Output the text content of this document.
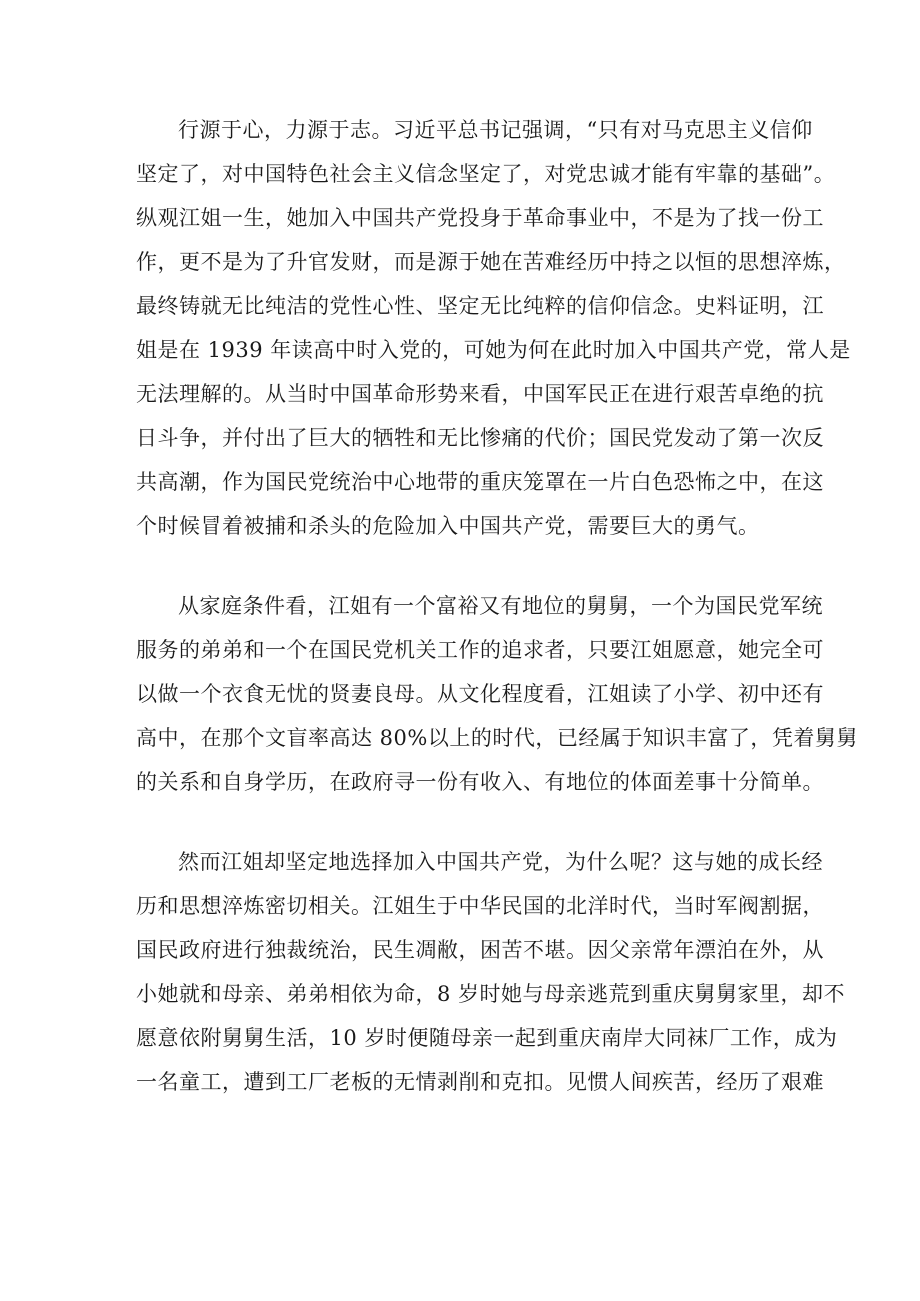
行源于心，力源于志。习近平总书记强调，“只有对马克思主义信仰
坚定了，对中国特色社会主义信念坚定了，对党忠诚才能有牢靠的基础”。
纵观江姐一生，她加入中国共产党投身于革命事业中，不是为了找一份工
作，更不是为了升官发财，而是源于她在苦难经历中持之以恒的思想淬炼，
最终铸就无比纯洁的党性心性、坚定无比纯粹的信仰信念。史料证明，江
姐是在 1939 年读高中时入党的，可她为何在此时加入中国共产党，常人是
无法理解的。从当时中国革命形势来看，中国军民正在进行艰苦卓绝的抗
日斗争，并付出了巨大的牺牲和无比惨痛的代价；国民党发动了第一次反
共高潮，作为国民党统治中心地带的重庆笼罩在一片白色恐怖之中，在这
个时候冒着被捕和杀头的危险加入中国共产党，需要巨大的勇气。
从家庭条件看，江姐有一个富裕又有地位的舅舅，一个为国民党军统
服务的弟弟和一个在国民党机关工作的追求者，只要江姐愿意，她完全可
以做一个衣食无忧的贤妻良母。从文化程度看，江姐读了小学、初中还有
高中，在那个文盲率高达 80%以上的时代，已经属于知识丰富了，凭着舅舅
的关系和自身学历，在政府寻一份有收入、有地位的体面差事十分简单。
然而江姐却坚定地选择加入中国共产党，为什么呢？这与她的成长经
历和思想淬炼密切相关。江姐生于中华民国的北洋时代，当时军阀割据，
国民政府进行独裁统治，民生凋敝，困苦不堪。因父亲常年漂泊在外，从
小她就和母亲、弟弟相依为命，8 岁时她与母亲逃荒到重庆舅舅家里，却不
愿意依附舅舅生活，10 岁时便随母亲一起到重庆南岸大同袜厂工作，成为
一名童工，遭到工厂老板的无情剥削和克扣。见惯人间疾苦，经历了艰难
